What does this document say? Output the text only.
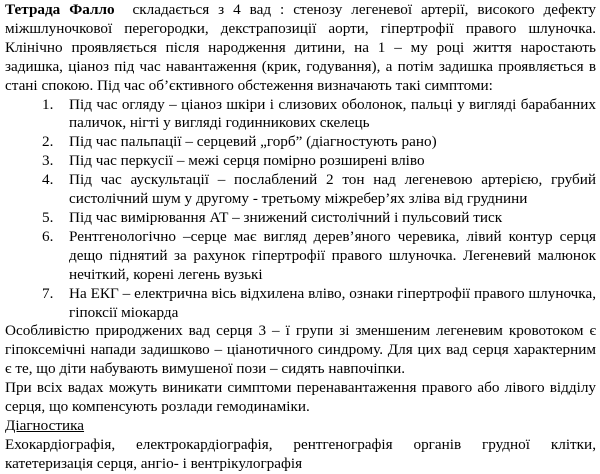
Тетрада Фалло складається з 4 вад : стенозу легеневої артерії, високого дефекту міжшлуночкової перегородки, декстрапозиції аорти, гіпертрофії правого шлуночка. Клінічно проявляється після народження дитини, на 1 – му році життя наростають задишка, ціаноз під час навантаження (крик, годування), а потім задишка проявляється в стані спокою. Під час об’єктивного обстеження визначають такі симптоми:
1.	Під час огляду – ціаноз шкіри і слизових оболонок, пальці у вигляді барабанних паличок, нігті у вигляді годинникових скелець
2.	Під час пальпації – серцевий „горб” (діагностують рано)
3.	Під час перкусії – межі серця помірно розширені вліво
4.	Під час аускультації – послаблений 2 тон над легеневою артерією, грубий систолічний шум у другому - третьому міжребер’ях зліва від груднини
5.	Під час вимірювання АТ – знижений систолічний і пульсовий тиск
6.	Рентгенологічно –серце має вигляд дерев’яного черевика, лівий контур серця дещо піднятий за рахунок гіпертрофії правого шлуночка. Легеневий малюнок нечіткий, корені легень вузькі
7.	На ЕКГ – електрична вісь відхилена вліво, ознаки гіпертрофії правого шлуночка, гіпоксії міокарда
Особливістю природжених вад серця 3 – ї групи зі зменшеним легеневим кровотоком є гіпоксемічні напади задишково – ціанотичного синдрому. Для цих вад серця характерним є те, що діти набувають вимушеної пози – сидять навпочіпки.
При всіх вадах можуть виникати симптоми перенавантаження правого або лівого відділу серця, що компенсують розлади гемодинаміки.
Діагностика
Ехокардіографія, електрокардіографія, рентгенографія органів грудної клітки, катетеризація серця, ангіо- і вентрікулографія
